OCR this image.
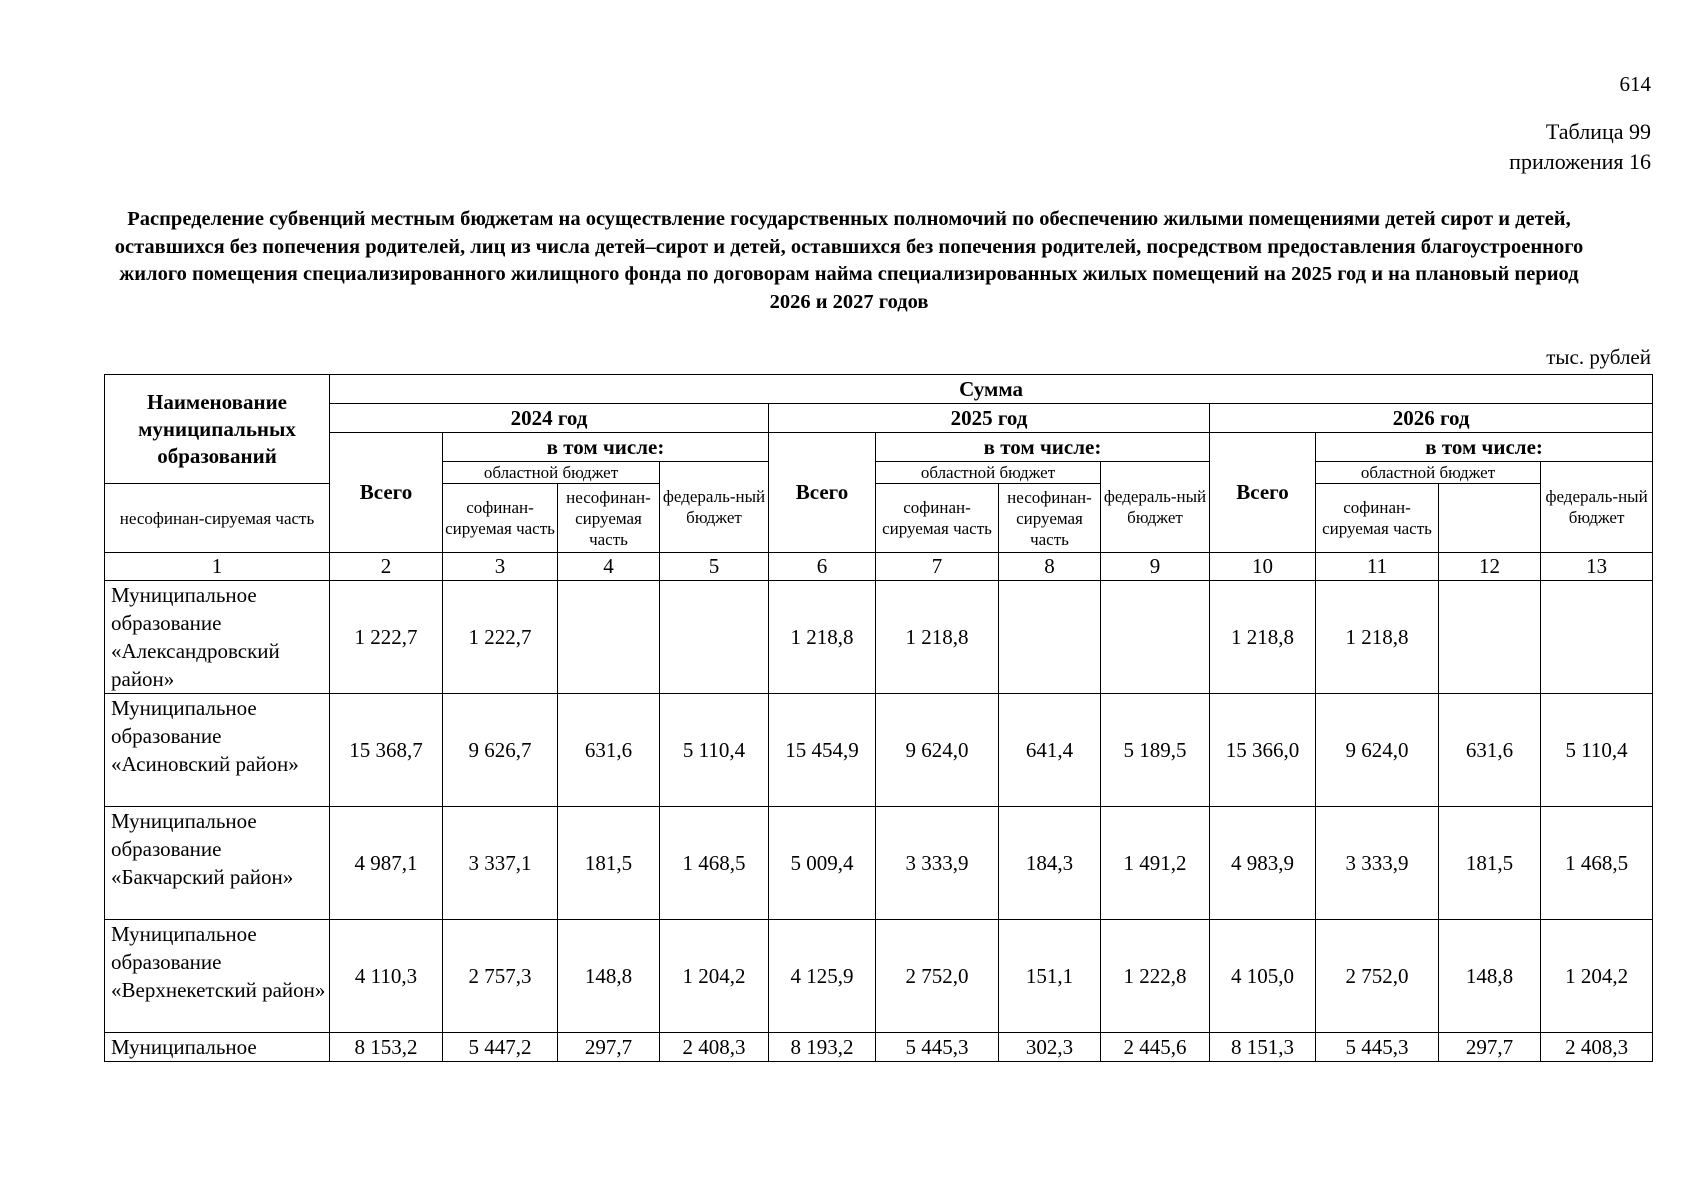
614
Таблица 99
приложения 16
Распределение субвенций местным бюджетам на осуществление государственных полномочий по обеспечению жилыми помещениями детей сирот и детей, оставшихся без попечения родителей, лиц из числа детей–сирот и детей, оставшихся без попечения родителей, посредством предоставления благоустроенного жилого помещения специализированного жилищного фонда по договорам найма специализированных жилых помещений на 2025 год и на плановый период 2026 и 2027 годов
тыс. рублей
Наименование муниципальных образований	Сумма											
	2024 год				2025 год				2026 год			
	Всего	в том числе:			Всего	в том числе:			Всего	в том числе:		
		областной бюджет		федераль-ный бюджет		областной бюджет		федераль-ный бюджет		областной бюджет		федераль-ный бюджет
несофинан-сируемая часть		софинан-сируемая часть	несофинан-сируемая часть			софинан-сируемая часть	несофинан-сируемая часть			софинан-сируемая часть		
1	2	3	4	5	6	7	8	9	10	11	12	13
Муниципальное образование «Александровский район»	1 222,7	1 222,7			1 218,8	1 218,8			1 218,8	1 218,8		
Муниципальное образование «Асиновский район»	15 368,7	9 626,7	631,6	5 110,4	15 454,9	9 624,0	641,4	5 189,5	15 366,0	9 624,0	631,6	5 110,4
Муниципальное образование «Бакчарский район»	4 987,1	3 337,1	181,5	1 468,5	5 009,4	3 333,9	184,3	1 491,2	4 983,9	3 333,9	181,5	1 468,5
Муниципальное образование «Верхнекетский район»	4 110,3	2 757,3	148,8	1 204,2	4 125,9	2 752,0	151,1	1 222,8	4 105,0	2 752,0	148,8	1 204,2
Муниципальное	8 153,2	5 447,2	297,7	2 408,3	8 193,2	5 445,3	302,3	2 445,6	8 151,3	5 445,3	297,7	2 408,3
